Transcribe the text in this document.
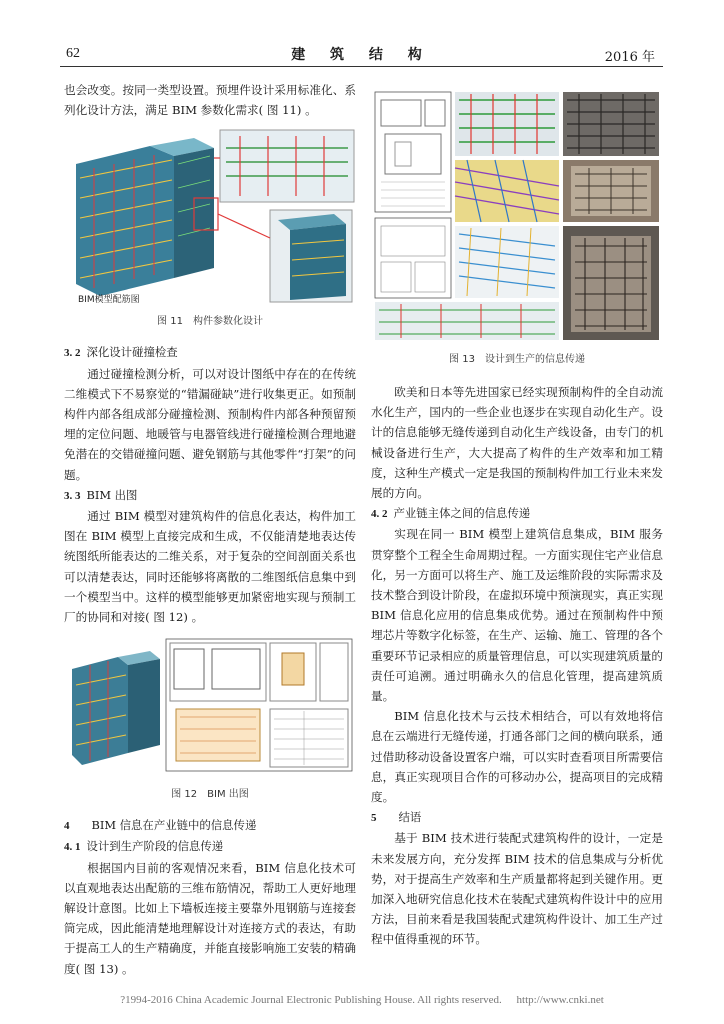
62	建 筑 结 构	2016 年

也会改变。按同一类型设置。预埋件设计采用标准化、系列化设计方法，满足 BIM 参数化需求( 图 11) 。

BIM模型配筋图

图 11　构件参数化设计

3. 2 深化设计碰撞检查

通过碰撞检测分析，可以对设计图纸中存在的在传统二维模式下不易察觉的“错漏碰缺”进行收集更正。如预制构件内部各组成部分碰撞检测、预制构件内部各种预留预埋的定位问题、地暖管与电器管线进行碰撞检测合理地避免潜在的交错碰撞问题、避免钢筋与其他零件“打架”的问题。

3. 3 BIM 出图

通过 BIM 模型对建筑构件的信息化表达，构件加工图在 BIM 模型上直接完成和生成，不仅能清楚地表达传统图纸所能表达的二维关系，对于复杂的空间剖面关系也可以清楚表达，同时还能够将离散的二维图纸信息集中到一个模型当中。这样的模型能够更加紧密地实现与预制工厂的协同和对接( 图 12) 。

图 12　BIM 出图

4 BIM 信息在产业链中的信息传递

4. 1 设计到生产阶段的信息传递

根据国内目前的客观情况来看，BIM 信息化技术可以直观地表达出配筋的三维布筋情况，帮助工人更好地理解设计意图。比如上下墙板连接主要靠外甩钢筋与连接套筒完成，因此能清楚地理解设计对连接方式的表达，有助于提高工人的生产精确度，并能直接影响施工安装的精确度( 图 13) 。

图 13　设计到生产的信息传递

欧美和日本等先进国家已经实现预制构件的全自动流水化生产，国内的一些企业也逐步在实现自动化生产。设计的信息能够无缝传递到自动化生产线设备，由专门的机械设备进行生产，大大提高了构件的生产效率和加工精度，这种生产模式一定是我国的预制构件加工行业未来发展的方向。

4. 2 产业链主体之间的信息传递

实现在同一 BIM 模型上建筑信息集成，BIM 服务贯穿整个工程全生命周期过程。一方面实现住宅产业信息化，另一方面可以将生产、施工及运维阶段的实际需求及技术整合到设计阶段，在虚拟环境中预演现实，真正实现 BIM 信息化应用的信息集成优势。通过在预制构件中预埋芯片等数字化标签，在生产、运输、施工、管理的各个重要环节记录相应的质量管理信息，可以实现建筑质量的责任可追溯。通过明确永久的信息化管理，提高建筑质量。

BIM 信息化技术与云技术相结合，可以有效地将信息在云端进行无缝传递，打通各部门之间的横向联系，通过借助移动设备设置客户端，可以实时查看项目所需要信息，真正实现项目合作的可移动办公，提高项目的完成精度。

5 结语

基于 BIM 技术进行装配式建筑构件的设计，一定是未来发展方向，充分发挥 BIM 技术的信息集成与分析优势，对于提高生产效率和生产质量都将起到关键作用。更加深入地研究信息化技术在装配式建筑构件设计中的应用方法，目前来看是我国装配式建筑构件设计、加工生产过程中值得重视的环节。

?1994-2016 China Academic Journal Electronic Publishing House. All rights reserved. http://www.cnki.net
